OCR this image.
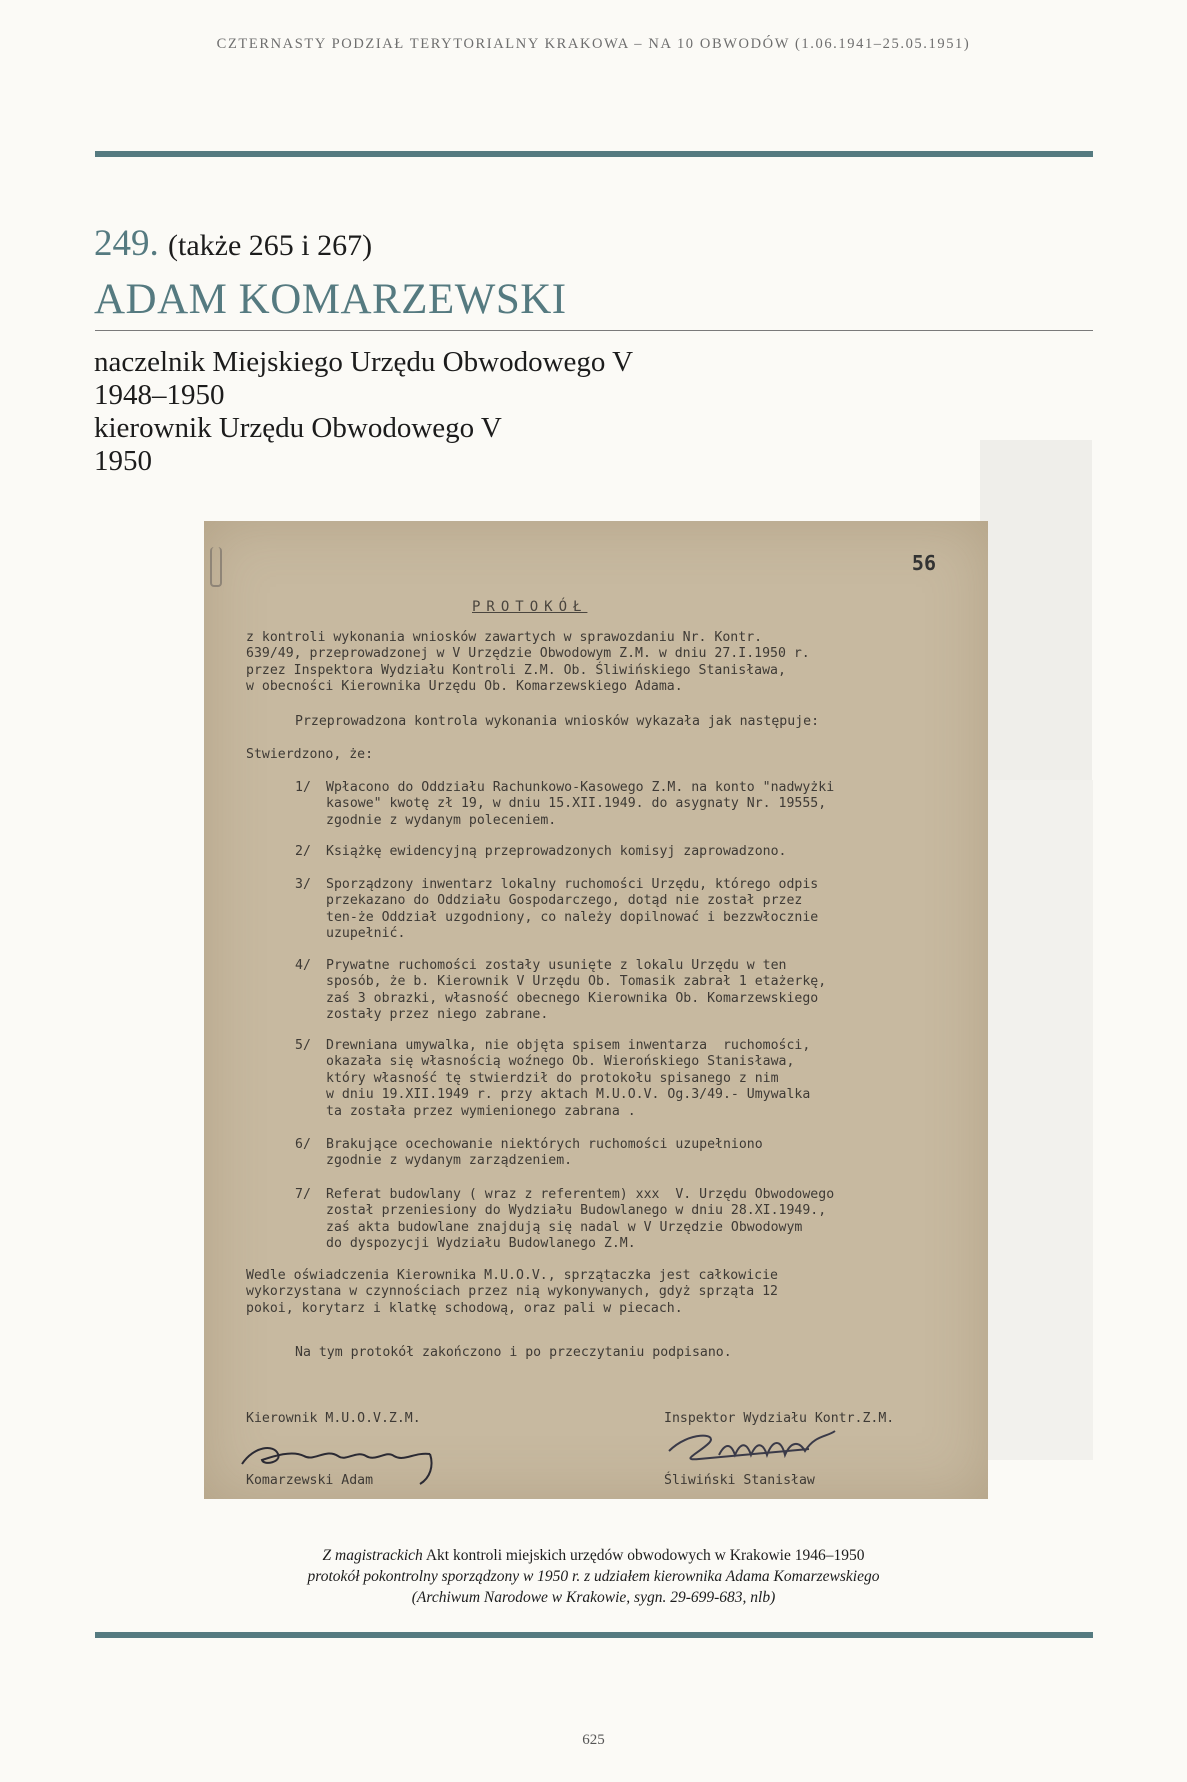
CZTERNASTY PODZIAŁ TERYTORIALNY KRAKOWA – NA 10 OBWODÓW (1.06.1941–25.05.1951)
249. (także 265 i 267)
ADAM KOMARZEWSKI
naczelnik Miejskiego Urzędu Obwodowego V
1948–1950
kierownik Urzędu Obwodowego V
1950
56
PROTOKÓŁ
z kontroli wykonania wniosków zawartych w sprawozdaniu Nr. Kontr.
639/49, przeprowadzonej w V Urzędzie Obwodowym Z.M. w dniu 27.I.1950 r.
przez Inspektora Wydziału Kontroli Z.M. Ob. Śliwińskiego Stanisława,
w obecności Kierownika Urzędu Ob. Komarzewskiego Adama.
Przeprowadzona kontrola wykonania wniosków wykazała jak następuje:
Stwierdzono, że:
1/ Wpłacono do Oddziału Rachunkowo-Kasowego Z.M. na konto "nadwyżki
kasowe" kwotę zł 19, w dniu 15.XII.1949. do asygnaty Nr. 19555,
zgodnie z wydanym poleceniem.
2/ Książkę ewidencyjną przeprowadzonych komisyj zaprowadzono.
3/ Sporządzony inwentarz lokalny ruchomości Urzędu, którego odpis
przekazano do Oddziału Gospodarczego, dotąd nie został przez
ten-że Oddział uzgodniony, co należy dopilnować i bezzwłocznie
uzupełnić.
4/ Prywatne ruchomości zostały usunięte z lokalu Urzędu w ten
sposób, że b. Kierownik V Urzędu Ob. Tomasik zabrał 1 etażerkę,
zaś 3 obrazki, własność obecnego Kierownika Ob. Komarzewskiego
zostały przez niego zabrane.
5/ Drewniana umywalka, nie objęta spisem inwentarza  ruchomości,
okazała się własnością woźnego Ob. Wierońskiego Stanisława,
który własność tę stwierdził do protokołu spisanego z nim
w dniu 19.XII.1949 r. przy aktach M.U.O.V. Og.3/49.- Umywalka
ta została przez wymienionego zabrana .
6/ Brakujące ocechowanie niektórych ruchomości uzupełniono
zgodnie z wydanym zarządzeniem.
7/ Referat budowlany ( wraz z referentem) xxx  V. Urzędu Obwodowego
został przeniesiony do Wydziału Budowlanego w dniu 28.XI.1949.,
zaś akta budowlane znajdują się nadal w V Urzędzie Obwodowym
do dyspozycji Wydziału Budowlanego Z.M.
Wedle oświadczenia Kierownika M.U.O.V., sprzątaczka jest całkowicie
wykorzystana w czynnościach przez nią wykonywanych, gdyż sprząta 12
pokoi, korytarz i klatkę schodową, oraz pali w piecach.
Na tym protokół zakończono i po przeczytaniu podpisano.
Kierownik M.U.O.V.Z.M.	Inspektor Wydziału Kontr.Z.M.
Komarzewski Adam	Śliwiński Stanisław
Z magistrackich Akt kontroli miejskich urzędów obwodowych w Krakowie 1946–1950
protokół pokontrolny sporządzony w 1950 r. z udziałem kierownika Adama Komarzewskiego
(Archiwum Narodowe w Krakowie, sygn. 29-699-683, nlb)
625
